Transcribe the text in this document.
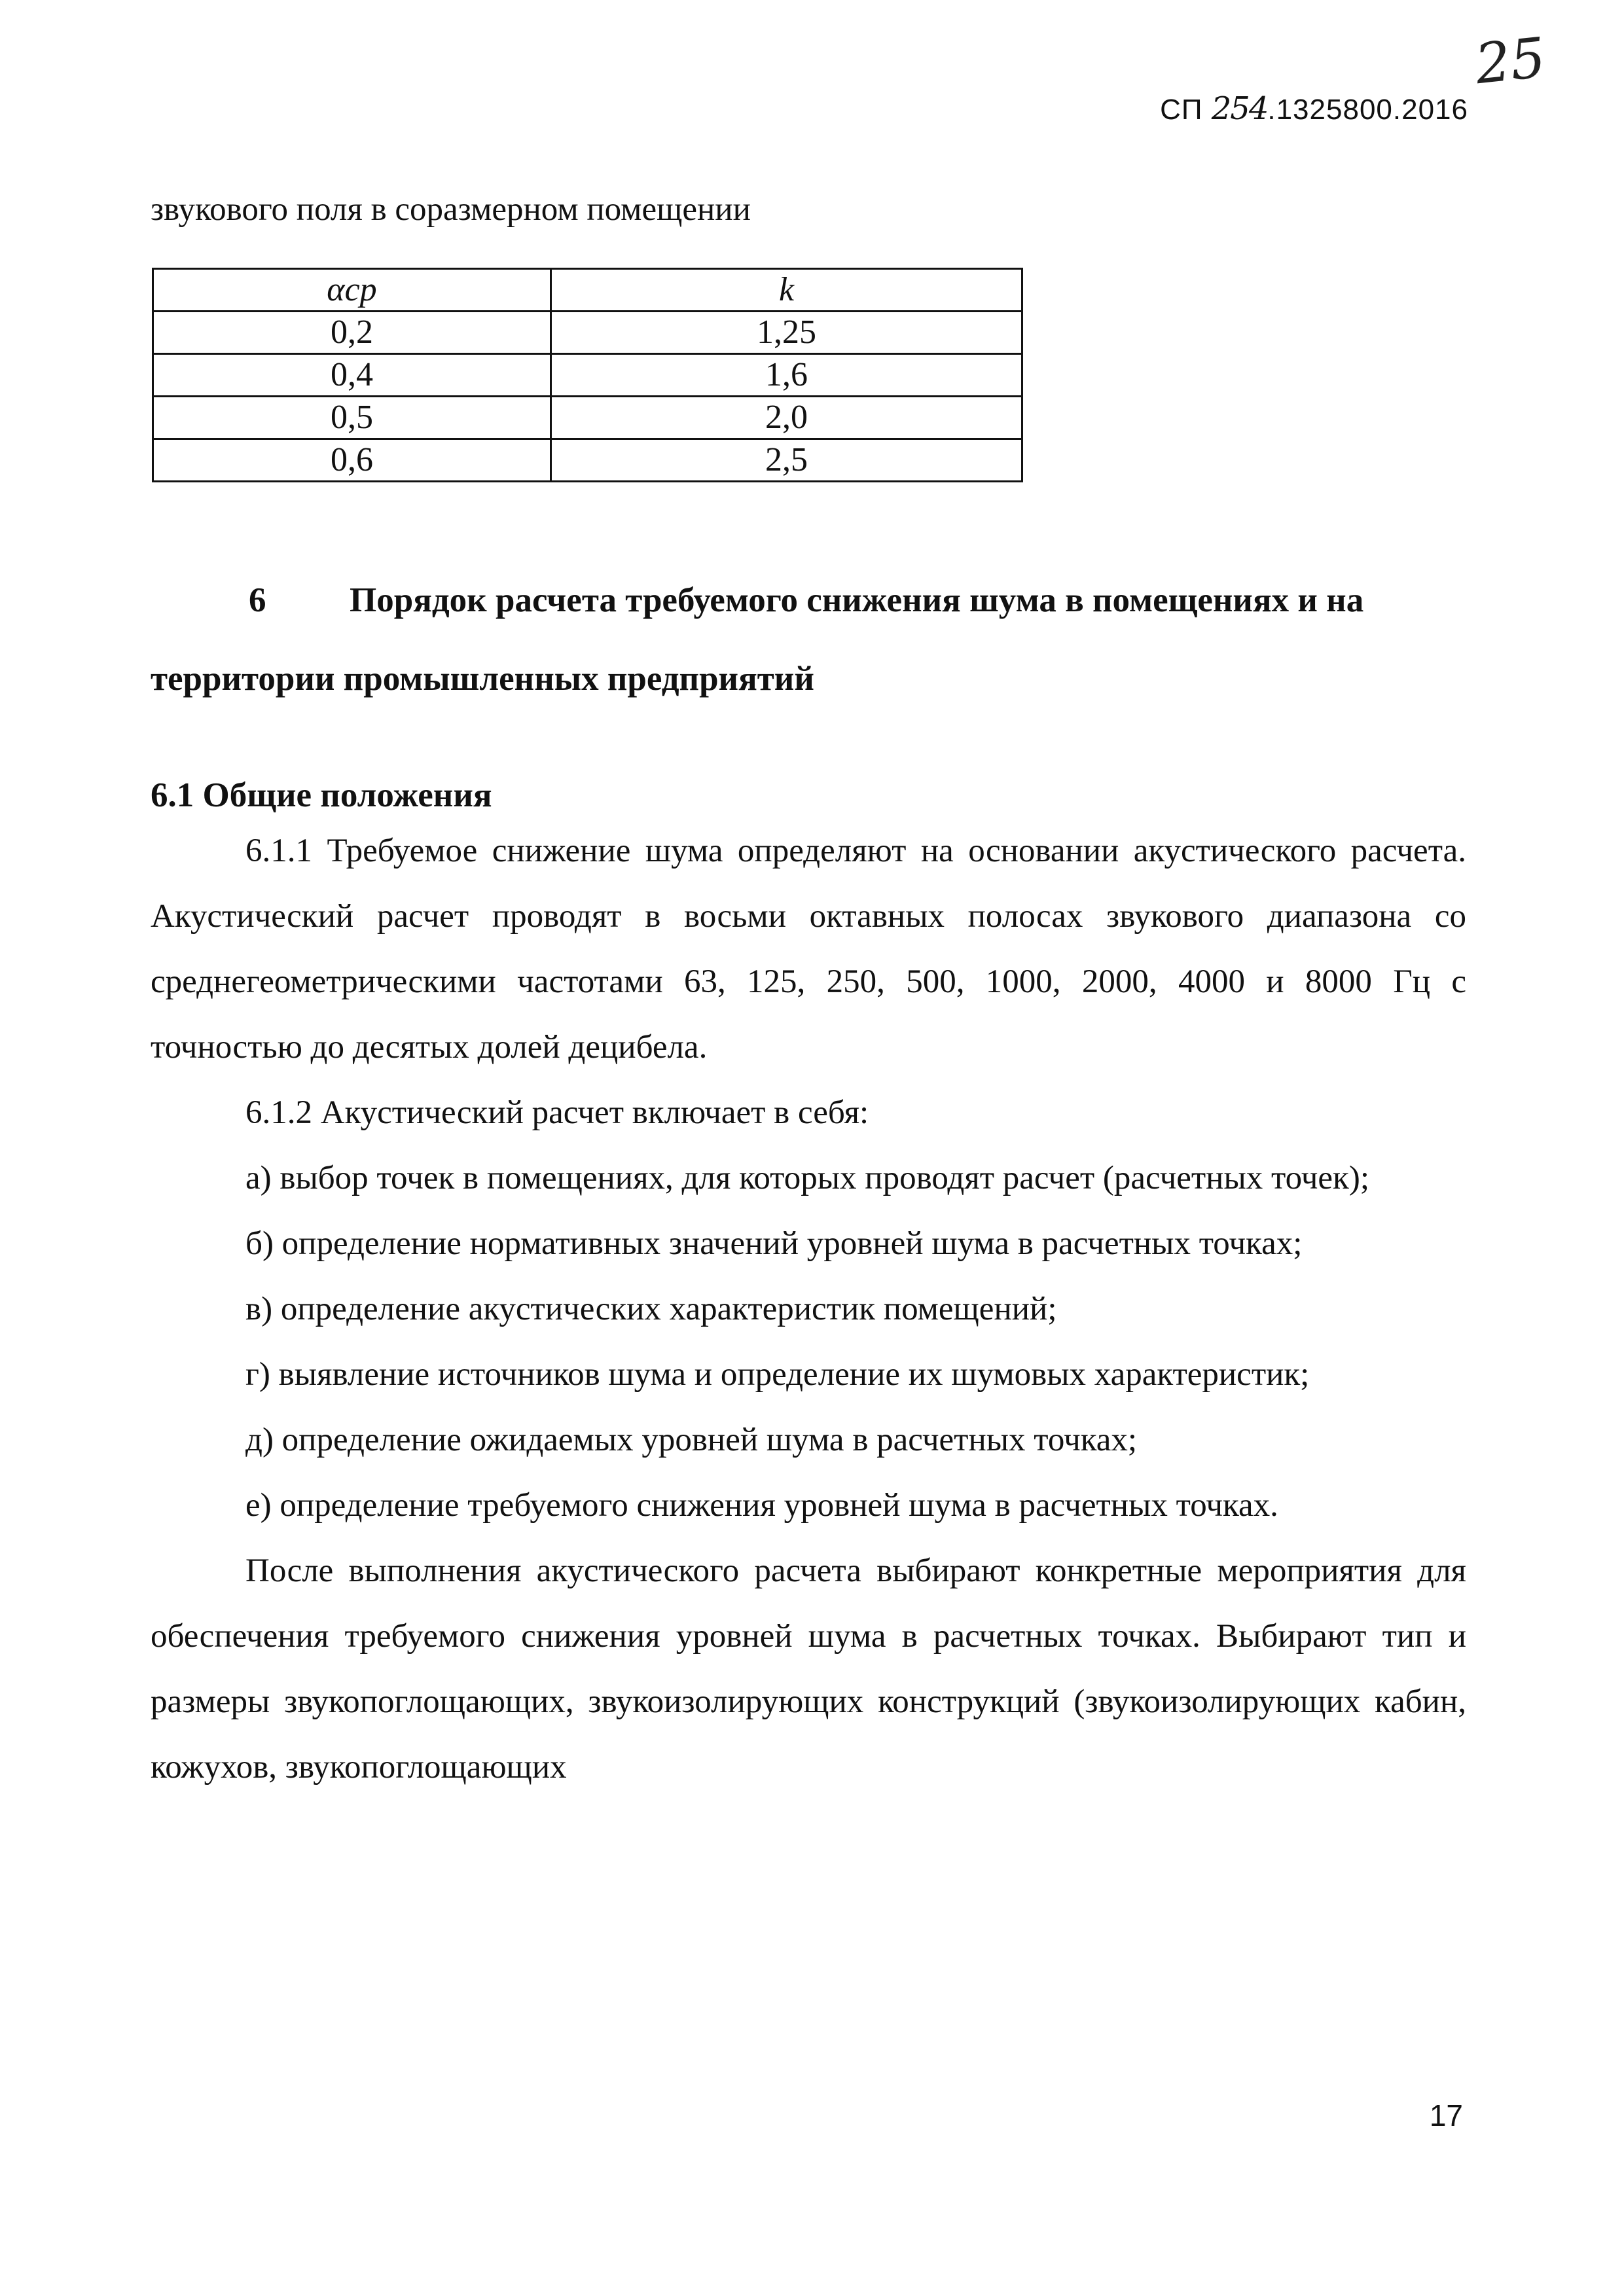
25
СП 254.1325800.2016
звукового поля в соразмерном помещении
αср	k
0,2	1,25
0,4	1,6
0,5	2,0
0,6	2,5
6 Порядок расчета требуемого снижения шума в помещениях и на территории промышленных предприятий
6.1 Общие положения

6.1.1 Требуемое снижение шума определяют на основании акустического расчета. Акустический расчет проводят в восьми октавных полосах звукового диапазона со среднегеометрическими частотами 63, 125, 250, 500, 1000, 2000, 4000 и 8000 Гц с точностью до десятых долей децибела.

6.1.2 Акустический расчет включает в себя:

а) выбор точек в помещениях, для которых проводят расчет (расчетных точек);

б) определение нормативных значений уровней шума в расчетных точках;

в) определение акустических характеристик помещений;

г) выявление источников шума и определение их шумовых характеристик;

д) определение ожидаемых уровней шума в расчетных точках;

е) определение требуемого снижения уровней шума в расчетных точках.

После выполнения акустического расчета выбирают конкретные мероприятия для обеспечения требуемого снижения уровней шума в расчетных точках. Выбирают тип и размеры звукопоглощающих, звукоизолирующих конструкций (звукоизолирующих кабин, кожухов, звукопоглощающих

17
